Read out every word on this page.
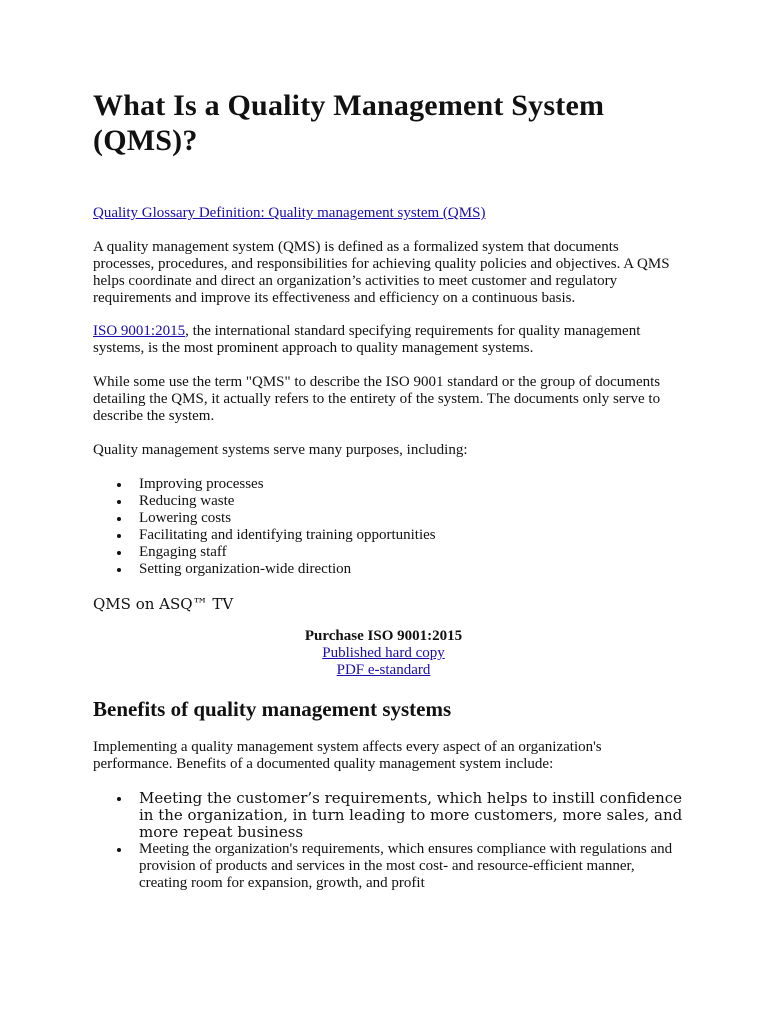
What Is a Quality Management System (QMS)?

Quality Glossary Definition: Quality management system (QMS)

A quality management system (QMS) is defined as a formalized system that documents processes, procedures, and responsibilities for achieving quality policies and objectives. A QMS helps coordinate and direct an organization’s activities to meet customer and regulatory requirements and improve its effectiveness and efficiency on a continuous basis.

ISO 9001:2015, the international standard specifying requirements for quality management systems, is the most prominent approach to quality management systems.

While some use the term "QMS" to describe the ISO 9001 standard or the group of documents detailing the QMS, it actually refers to the entirety of the system. The documents only serve to describe the system.

Quality management systems serve many purposes, including:

Improving processes
Reducing waste
Lowering costs
Facilitating and identifying training opportunities
Engaging staff
Setting organization-wide direction
QMS on ASQ™ TV
Purchase ISO 9001:2015
Published hard copy
PDF e-standard
Benefits of quality management systems

Implementing a quality management system affects every aspect of an organization's performance. Benefits of a documented quality management system include:

Meeting the customer’s requirements, which helps to instill confidence in the organization, in turn leading to more customers, more sales, and more repeat business
Meeting the organization's requirements, which ensures compliance with regulations and provision of products and services in the most cost- and resource-efficient manner, creating room for expansion, growth, and profit
